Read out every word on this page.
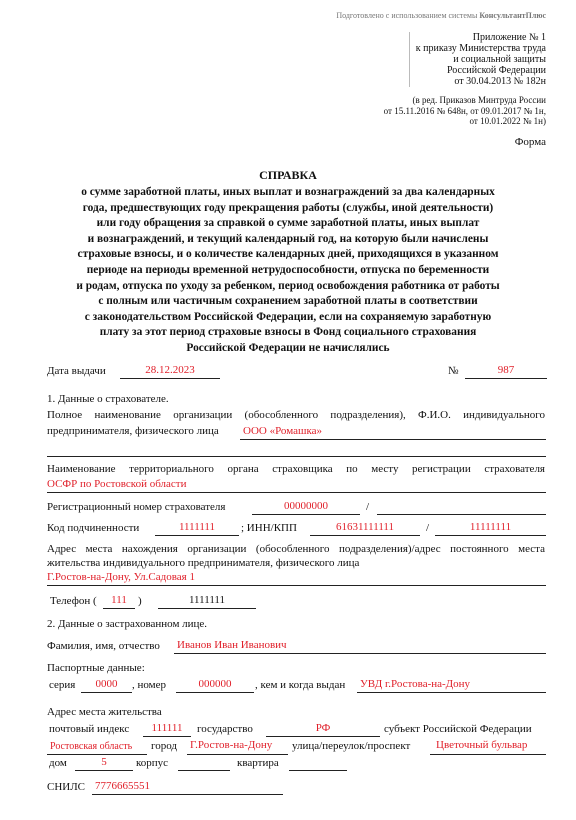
Подготовлено с использованием системы КонсультантПлюс
Приложение № 1
к приказу Министерства труда
и социальной защиты
Российской Федерации
от 30.04.2013 № 182н
(в ред. Приказов Минтруда России
от 15.11.2016 № 648н, от 09.01.2017 № 1н,
от 10.01.2022 № 1н)
Форма
СПРАВКА
о сумме заработной платы, иных выплат и вознаграждений за два календарных
года, предшествующих году прекращения работы (службы, иной деятельности)
или году обращения за справкой о сумме заработной платы, иных выплат
и вознаграждений, и текущий календарный год, на которую были начислены
страховые взносы, и о количестве календарных дней, приходящихся в указанном
периоде на периоды временной нетрудоспособности, отпуска по беременности
и родам, отпуска по уходу за ребенком, период освобождения работника от работы
с полным или частичным сохранением заработной платы в соответствии
с законодательством Российской Федерации, если на сохраняемую заработную
плату за этот период страховые взносы в Фонд социального страхования
Российской Федерации не начислялись
Дата выдачи	28.12.2023	№	987
1. Данные о страхователе.
Полное наименование организации (обособленного подразделения), Ф.И.О. индивидуального
предпринимателя, физического лица ООО «Ромашка»
Наименование территориального органа страховщика по месту регистрации страхователя
ОСФР по Ростовской области
Регистрационный номер страхователя	00000000	/
Код подчиненности	1111111	; ИНН/КПП	61631111111	/	11111111
Адрес места нахождения организации (обособленного подразделения)/адрес постоянного места
жительства индивидуального предпринимателя, физического лица
Г.Ростов-на-Дону, Ул.Садовая 1
Телефон (	111	)	1111111
2. Данные о застрахованном лице.
Фамилия, имя, отчество Иванов Иван Иванович
Паспортные данные:
серия	0000	, номер	000000	, кем и когда выдан УВД г.Ростова-на-Дону
Адрес места жительства
почтовый индекс	111111	государство	РФ	субъект Российской Федерации
Ростовская область город Г.Ростов-на-Дону улица/переулок/проспект Цветочный бульвар
дом	5	корпус	квартира
СНИЛС 7776665551
